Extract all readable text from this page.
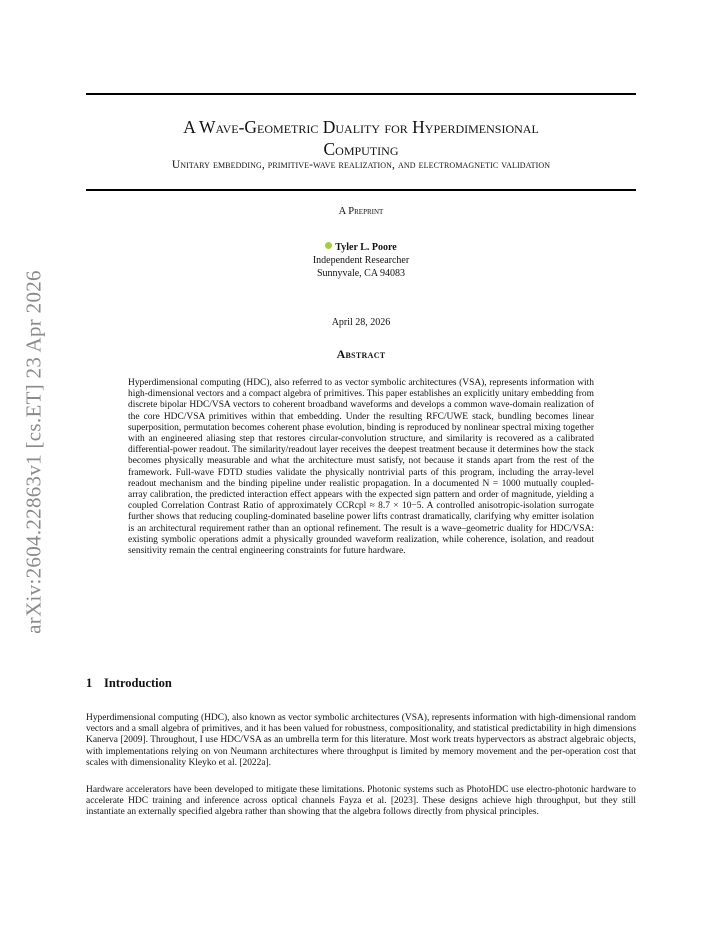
arXiv:2604.22863v1 [cs.ET] 23 Apr 2026
A Wave-Geometric Duality for Hyperdimensional
Computing
Unitary embedding, primitive-wave realization, and electromagnetic validation
A Preprint
Tyler L. Poore
Independent Researcher
Sunnyvale, CA 94083
April 28, 2026
Abstract
Hyperdimensional computing (HDC), also referred to as vector symbolic architectures (VSA), represents information with high-dimensional vectors and a compact algebra of primitives. This paper establishes an explicitly unitary embedding from discrete bipolar HDC/VSA vectors to coherent broadband waveforms and develops a common wave-domain realization of the core HDC/VSA primitives within that embedding. Under the resulting RFC/UWE stack, bundling becomes linear superposition, permutation becomes coherent phase evolution, binding is reproduced by nonlinear spectral mixing together with an engineered aliasing step that restores circular-convolution structure, and similarity is recovered as a calibrated differential-power readout. The similarity/readout layer receives the deepest treatment because it determines how the stack becomes physically measurable and what the architecture must satisfy, not because it stands apart from the rest of the framework. Full-wave FDTD studies validate the physically nontrivial parts of this program, including the array-level readout mechanism and the binding pipeline under realistic propagation. In a documented N = 1000 mutually coupled-array calibration, the predicted interaction effect appears with the expected sign pattern and order of magnitude, yielding a coupled Correlation Contrast Ratio of approximately CCRcpl ≈ 8.7 × 10−5. A controlled anisotropic-isolation surrogate further shows that reducing coupling-dominated baseline power lifts contrast dramatically, clarifying why emitter isolation is an architectural requirement rather than an optional refinement. The result is a wave–geometric duality for HDC/VSA: existing symbolic operations admit a physically grounded waveform realization, while coherence, isolation, and readout sensitivity remain the central engineering constraints for future hardware.
1 Introduction
Hyperdimensional computing (HDC), also known as vector symbolic architectures (VSA), represents information with high-dimensional random vectors and a small algebra of primitives, and it has been valued for robustness, compositionality, and statistical predictability in high dimensions Kanerva [2009]. Throughout, I use HDC/VSA as an umbrella term for this literature. Most work treats hypervectors as abstract algebraic objects, with implementations relying on von Neumann architectures where throughput is limited by memory movement and the per-operation cost that scales with dimensionality Kleyko et al. [2022a].
Hardware accelerators have been developed to mitigate these limitations. Photonic systems such as PhotoHDC use electro-photonic hardware to accelerate HDC training and inference across optical channels Fayza et al. [2023]. These designs achieve high throughput, but they still instantiate an externally specified algebra rather than showing that the algebra follows directly from physical principles.
